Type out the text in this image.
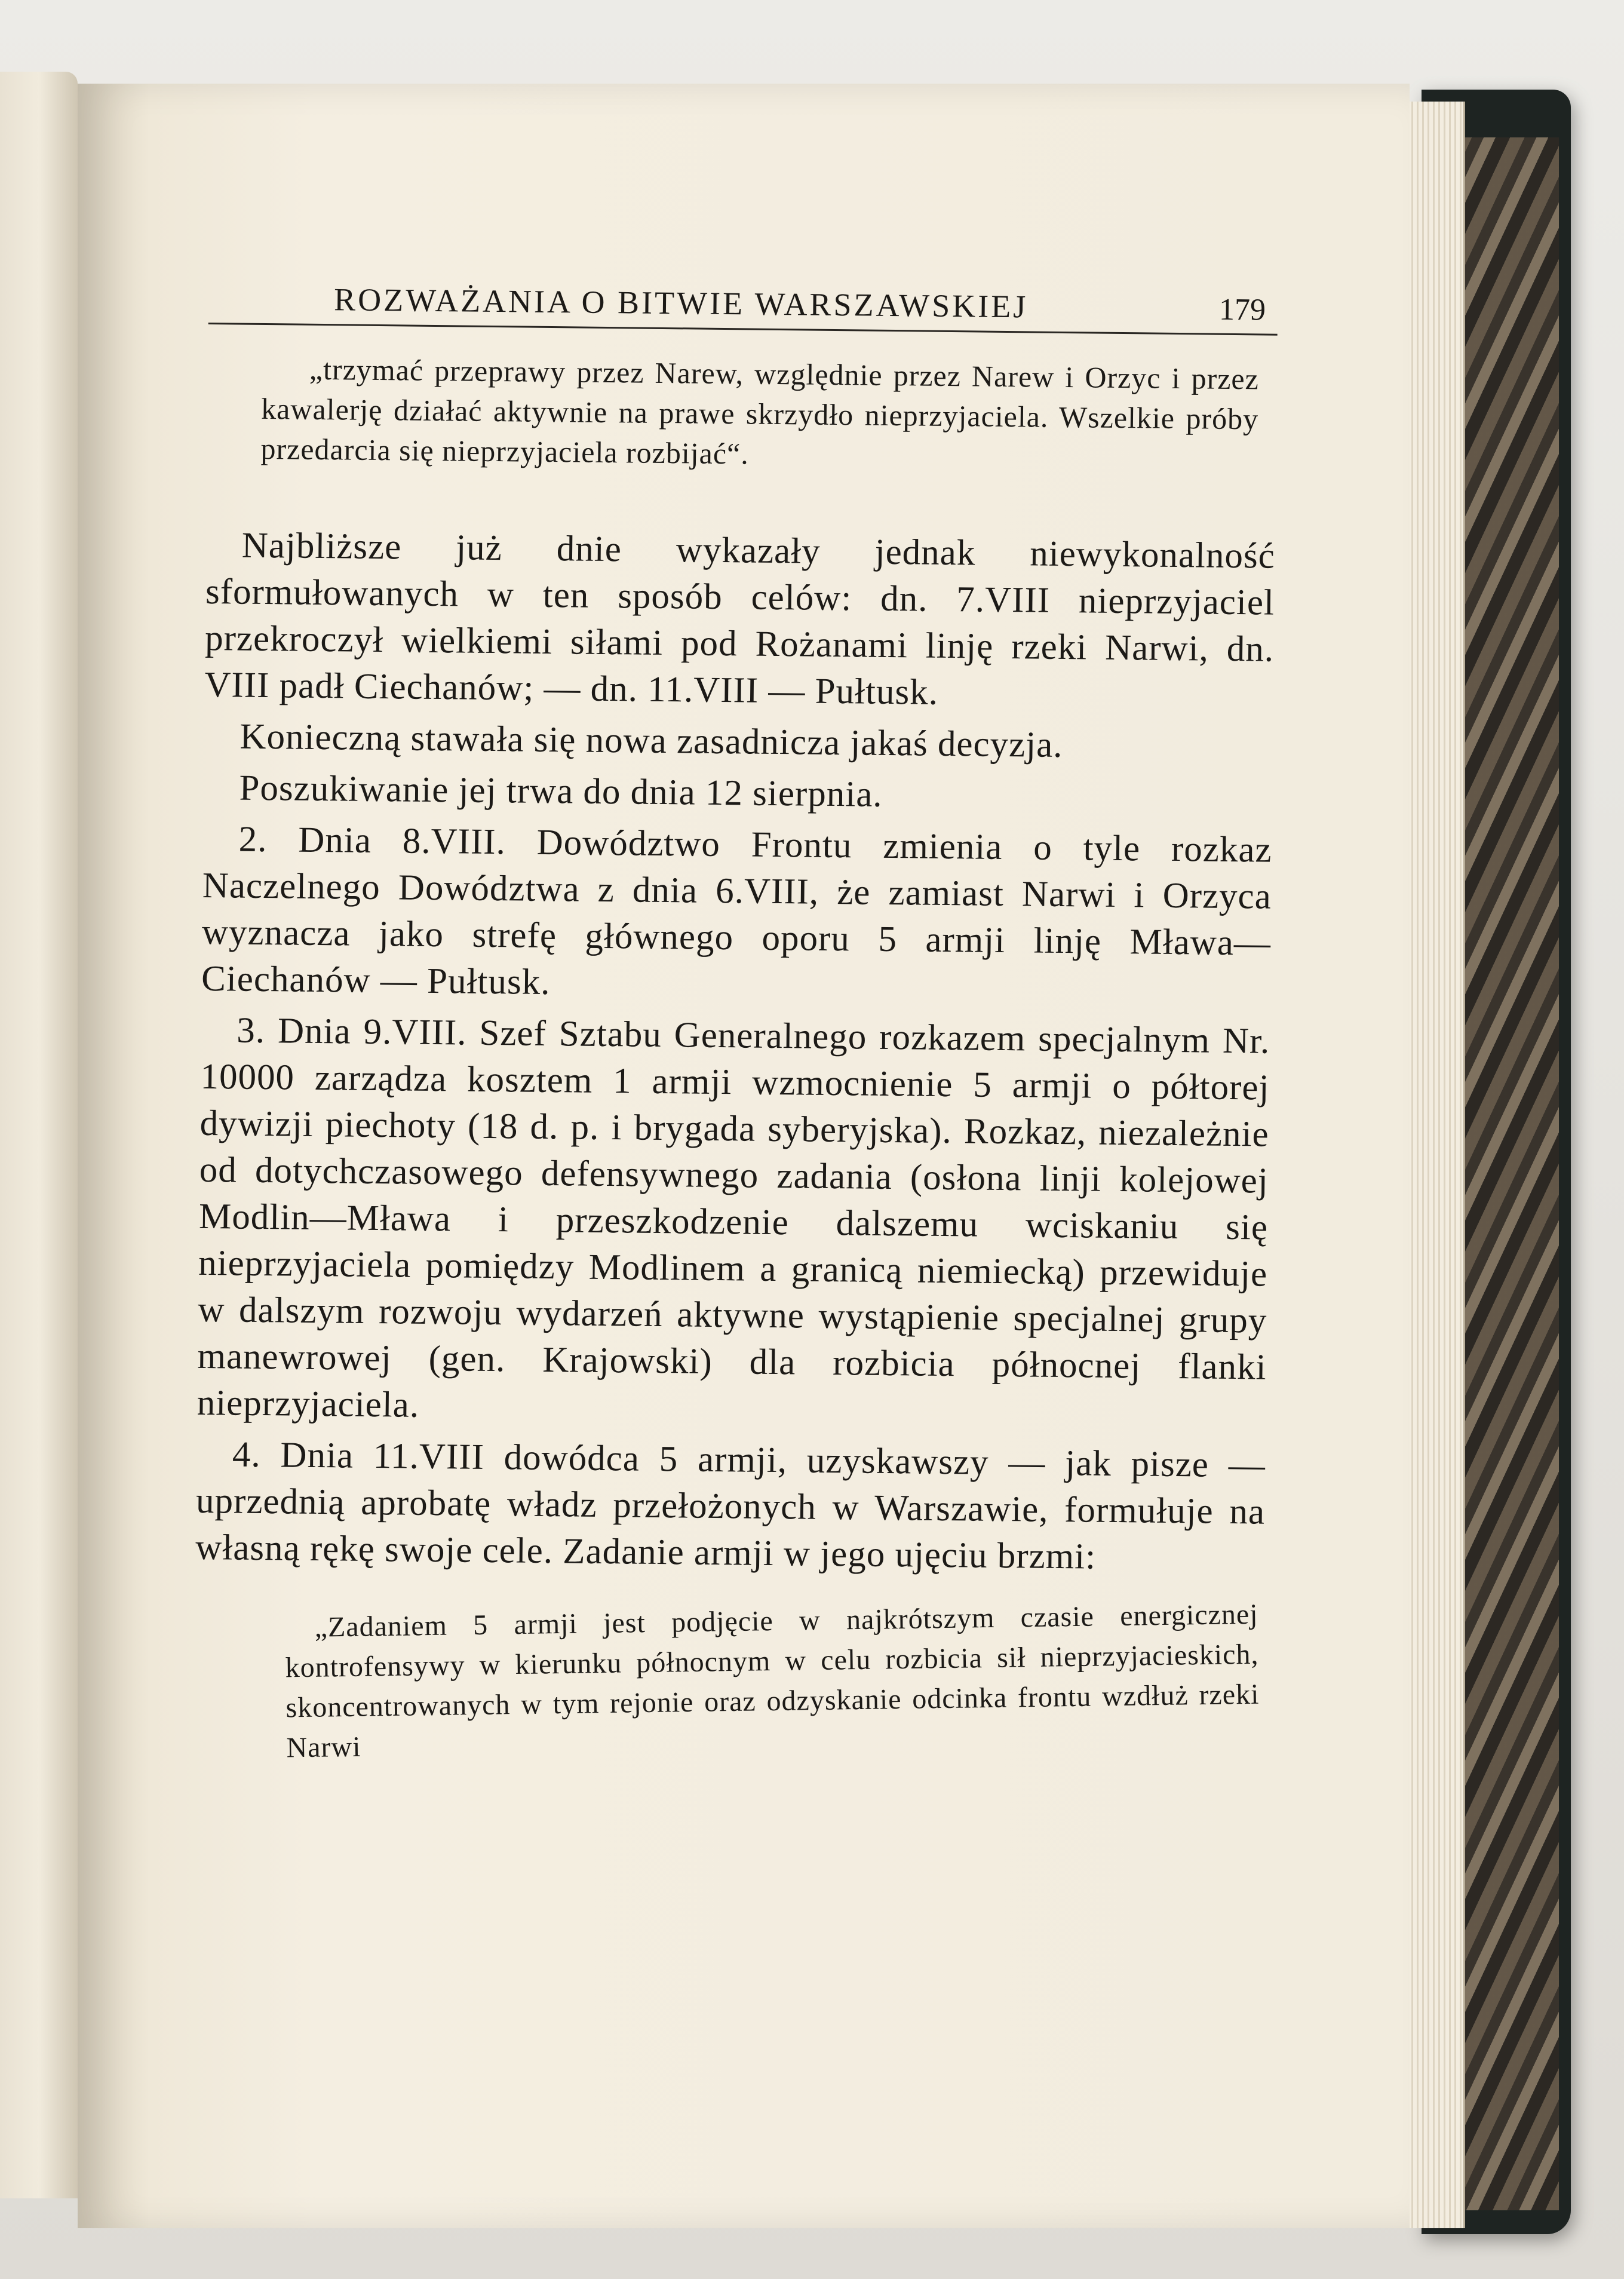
ROZWAŻANIA O BITWIE WARSZAWSKIEJ	179

„trzymać przeprawy przez Narew, względnie przez Narew i Orzyc i przez kawalerję działać aktywnie na prawe skrzydło nieprzyjaciela. Wszelkie próby przedarcia się nieprzyjaciela rozbijać“.

Najbliższe już dnie wykazały jednak niewykonalność sformułowanych w ten sposób celów: dn. 7.VIII nieprzyjaciel przekroczył wielkiemi siłami pod Rożanami linję rzeki Narwi, dn. VIII padł Ciechanów; — dn. 11.VIII — Pułtusk.

Konieczną stawała się nowa zasadnicza jakaś decyzja.

Poszukiwanie jej trwa do dnia 12 sierpnia.

2. Dnia 8.VIII. Dowództwo Frontu zmienia o tyle rozkaz Naczelnego Dowództwa z dnia 6.VIII, że zamiast Narwi i Orzyca wyznacza jako strefę głównego oporu 5 armji linję Mława—Ciechanów — Pułtusk.

3. Dnia 9.VIII. Szef Sztabu Generalnego rozkazem specjalnym Nr. 10000 zarządza kosztem 1 armji wzmocnienie 5 armji o półtorej dywizji piechoty (18 d. p. i brygada syberyjska). Rozkaz, niezależnie od dotychczasowego defensywnego zadania (osłona linji kolejowej Modlin—Mława i przeszkodzenie dalszemu wciskaniu się nieprzyjaciela pomiędzy Modlinem a granicą niemiecką) przewiduje w dalszym rozwoju wydarzeń aktywne wystąpienie specjalnej grupy manewrowej (gen. Krajowski) dla rozbicia północnej flanki nieprzyjaciela.

4. Dnia 11.VIII dowódca 5 armji, uzyskawszy — jak pisze — uprzednią aprobatę władz przełożonych w Warszawie, formułuje na własną rękę swoje cele. Zadanie armji w jego ujęciu brzmi:

„Zadaniem 5 armji jest podjęcie w najkrótszym czasie energicznej kontrofensywy w kierunku północnym w celu rozbicia sił nieprzyjacieskich, skoncentrowanych w tym rejonie oraz odzyskanie odcinka frontu wzdłuż rzeki Narwi
